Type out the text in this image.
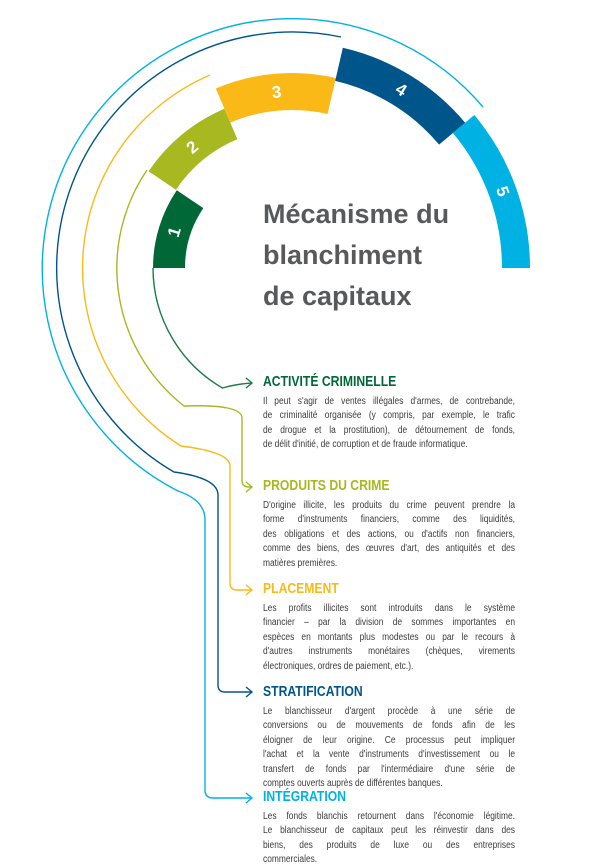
1
2
3	4
5
Mécanisme du
blanchiment
de capitaux
ACTIVITÉ CRIMINELLE
Il peut s'agir de ventes illégales d'armes, de contrebande,
de criminalité organisée (y compris, par exemple, le trafic
de drogue et la prostitution), de détournement de fonds,
de délit d'initié, de corruption et de fraude informatique.
PRODUITS DU CRIME
D'origine illicite, les produits du crime peuvent prendre la
forme d'instruments financiers, comme des liquidités,
des obligations et des actions, ou d'actifs non financiers,
comme des biens, des œuvres d'art, des antiquités et des
matières premières.
PLACEMENT
Les profits illicites sont introduits dans le système
financier – par la division de sommes importantes en
espèces en montants plus modestes ou par le recours à
d'autres instruments monétaires (chèques, virements
électroniques, ordres de paiement, etc.).
STRATIFICATION
Le blanchisseur d'argent procède à une série de
conversions ou de mouvements de fonds afin de les
éloigner de leur origine. Ce processus peut impliquer
l'achat et la vente d'instruments d'investissement ou le
transfert de fonds par l'intermédiaire d'une série de
comptes ouverts auprès de différentes banques.
INTÉGRATION
Les fonds blanchis retournent dans l'économie légitime.
Le blanchisseur de capitaux peut les réinvestir dans des
biens, des produits de luxe ou des entreprises
commerciales.
